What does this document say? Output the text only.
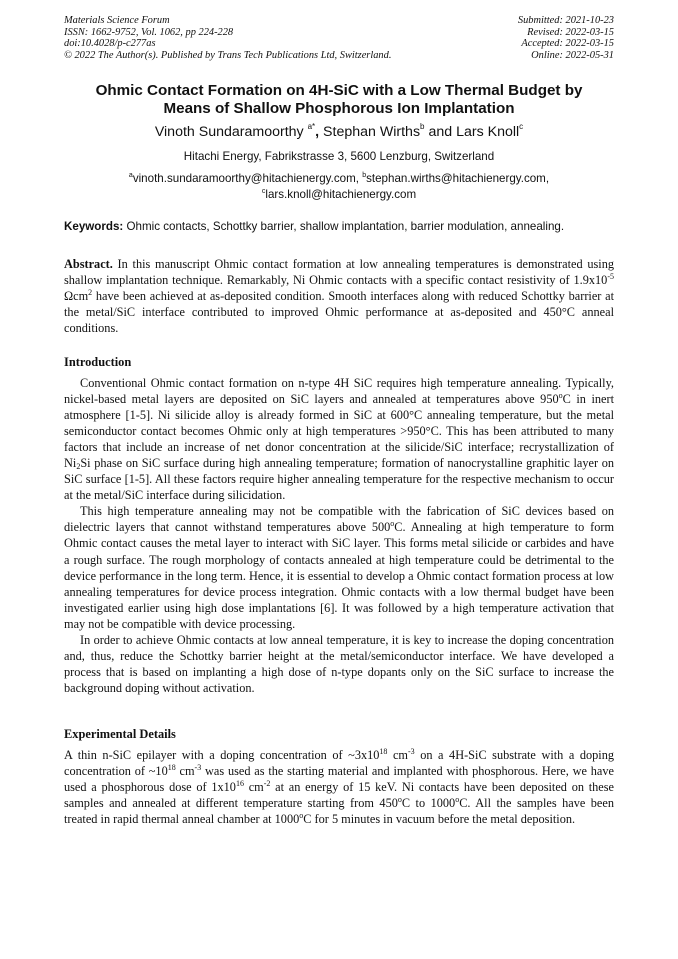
Materials Science Forum
ISSN: 1662-9752, Vol. 1062, pp 224-228
doi:10.4028/p-c277as
© 2022 The Author(s). Published by Trans Tech Publications Ltd, Switzerland.
Submitted: 2021-10-23
Revised: 2022-03-15
Accepted: 2022-03-15
Online: 2022-05-31
Ohmic Contact Formation on 4H-SiC with a Low Thermal Budget by
Means of Shallow Phosphorous Ion Implantation
Vinoth Sundaramoorthy $^{a*}$, Stephan Wirths$^b$ and Lars Knoll$^c$
Hitachi Energy, Fabrikstrasse 3, 5600 Lenzburg, Switzerland
$^a$vinoth.sundaramoorthy@hitachienergy.com, $^b$stephan.wirths@hitachienergy.com,
$^c$lars.knoll@hitachienergy.com
Keywords: Ohmic contacts, Schottky barrier, shallow implantation, barrier modulation, annealing.

Abstract. In this manuscript Ohmic contact formation at low annealing temperatures is demonstrated using shallow implantation technique. Remarkably, Ni Ohmic contacts with a specific contact resistivity of $1.9x10^{-5}$ Ωcm$^2$ have been achieved at as-deposited condition. Smooth interfaces along with reduced Schottky barrier at the metal/SiC interface contributed to improved Ohmic performance at as-deposited and 450°C anneal conditions.

Introduction

Conventional Ohmic contact formation on n-type 4H SiC requires high temperature annealing. Typically, nickel-based metal layers are deposited on SiC layers and annealed at temperatures above 950$^o$C in inert atmosphere [1-5]. Ni silicide alloy is already formed in SiC at 600°C annealing temperature, but the metal semiconductor contact becomes Ohmic only at high temperatures >950°C. This has been attributed to many factors that include an increase of net donor concentration at the silicide/SiC interface; recrystallization of $Ni_2Si$ phase on SiC surface during high annealing temperature; formation of nanocrystalline graphitic layer on SiC surface [1-5]. All these factors require higher annealing temperature for the respective mechanism to occur at the metal/SiC interface during silicidation.

This high temperature annealing may not be compatible with the fabrication of SiC devices based on dielectric layers that cannot withstand temperatures above 500$^o$C. Annealing at high temperature to form Ohmic contact causes the metal layer to interact with SiC layer. This forms metal silicide or carbides and have a rough surface. The rough morphology of contacts annealed at high temperature could be detrimental to the device performance in the long term. Hence, it is essential to develop a Ohmic contact formation process at low annealing temperatures for device process integration. Ohmic contacts with a low thermal budget have been investigated earlier using high dose implantations [6]. It was followed by a high temperature activation that may not be compatible with device processing.

In order to achieve Ohmic contacts at low anneal temperature, it is key to increase the doping concentration and, thus, reduce the Schottky barrier height at the metal/semiconductor interface. We have developed a process that is based on implanting a high dose of n-type dopants only on the SiC surface to increase the background doping without activation.

Experimental Details

A thin n-SiC epilayer with a doping concentration of $\sim 3x10^{18}$ $cm^{-3}$ on a 4H-SiC substrate with a doping concentration of $\sim 10^{18}$ $cm^{-3}$ was used as the starting material and implanted with phosphorous. Here, we have used a phosphorous dose of $1x10^{16}$ $cm^{-2}$ at an energy of 15 keV. Ni contacts have been deposited on these samples and annealed at different temperature starting from 450$^o$C to 1000$^o$C. All the samples have been treated in rapid thermal anneal chamber at 1000$^o$C for 5 minutes in vacuum before the metal deposition.
